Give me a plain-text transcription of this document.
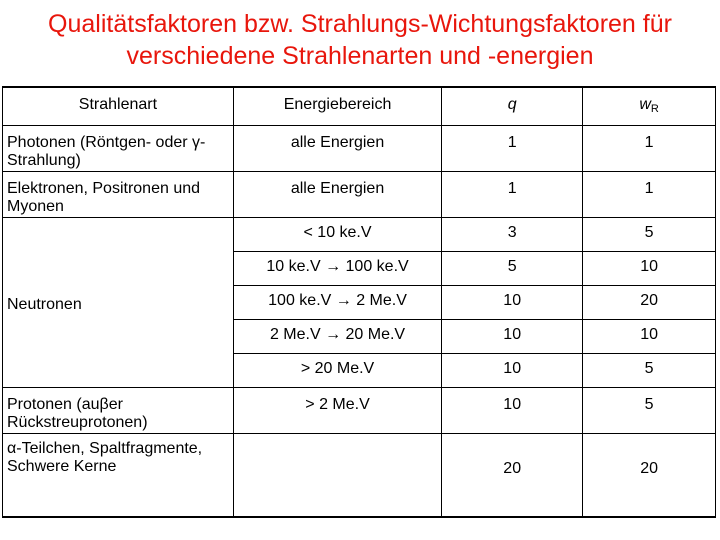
Qualitätsfaktoren bzw. Strahlungs-Wichtungsfaktoren für
verschiedene Strahlenarten und -energien
Strahlenart	Energiebereich	q	$w_R$
Photonen (Röntgen- oder γ-Strahlung)	alle Energien	1	1
Elektronen, Positronen und Myonen	alle Energien	1	1
Neutronen	< 10 ke.V	3	5
	10 ke.V → 100 ke.V	5	10
	100 ke.V → 2 Me.V	10	20
	2 Me.V → 20 Me.V	10	10
	> 20 Me.V	10	5
Protonen (auβer Rückstreuprotonen)	> 2 Me.V	10	5
α-Teilchen, Spaltfragmente, Schwere Kerne		20	20
